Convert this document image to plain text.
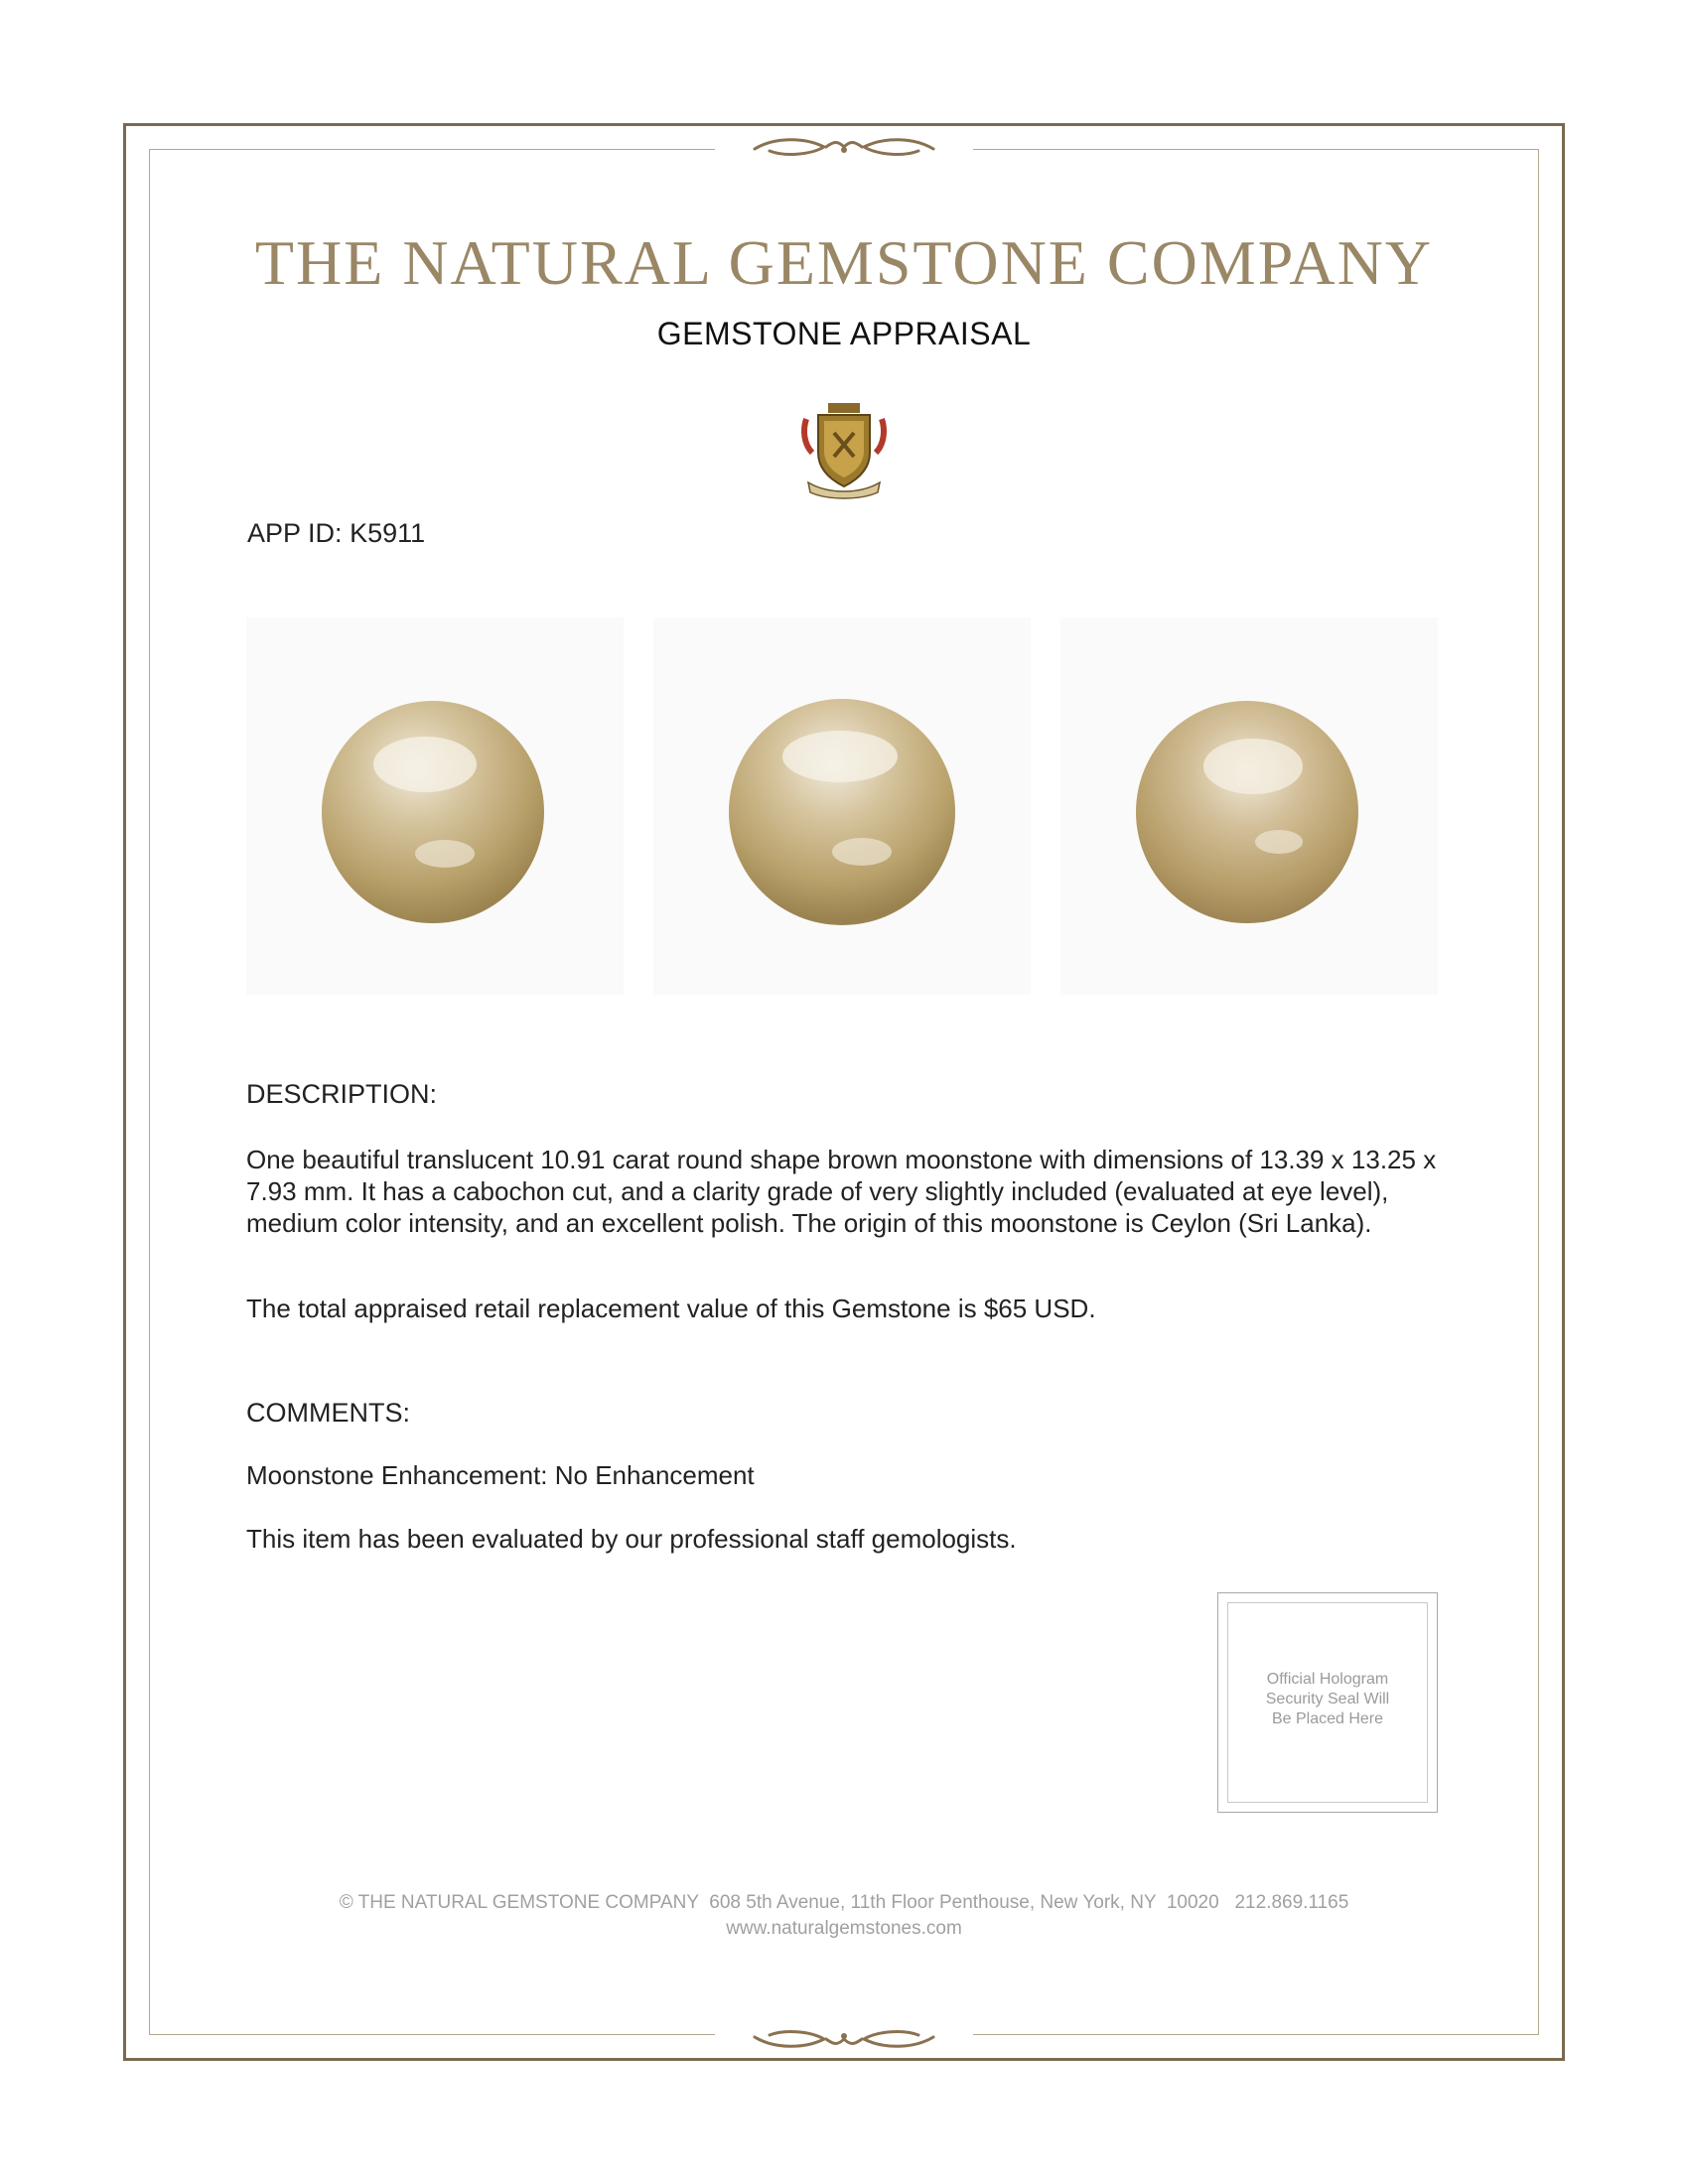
THE NATURAL GEMSTONE COMPANY
GEMSTONE APPRAISAL
APP ID: K5911
DESCRIPTION:
One beautiful translucent 10.91 carat round shape brown moonstone with dimensions of 13.39 x 13.25 x 7.93 mm. It has a cabochon cut, and a clarity grade of very slightly included (evaluated at eye level), medium color intensity, and an excellent polish. The origin of this moonstone is Ceylon (Sri Lanka).
The total appraised retail replacement value of this Gemstone is $65 USD.
COMMENTS:
Moonstone Enhancement: No Enhancement
This item has been evaluated by our professional staff gemologists.
Official Hologram
Security Seal Will
Be Placed Here
© THE NATURAL GEMSTONE COMPANY  608 5th Avenue, 11th Floor Penthouse, New York, NY  10020   212.869.1165
www.naturalgemstones.com
